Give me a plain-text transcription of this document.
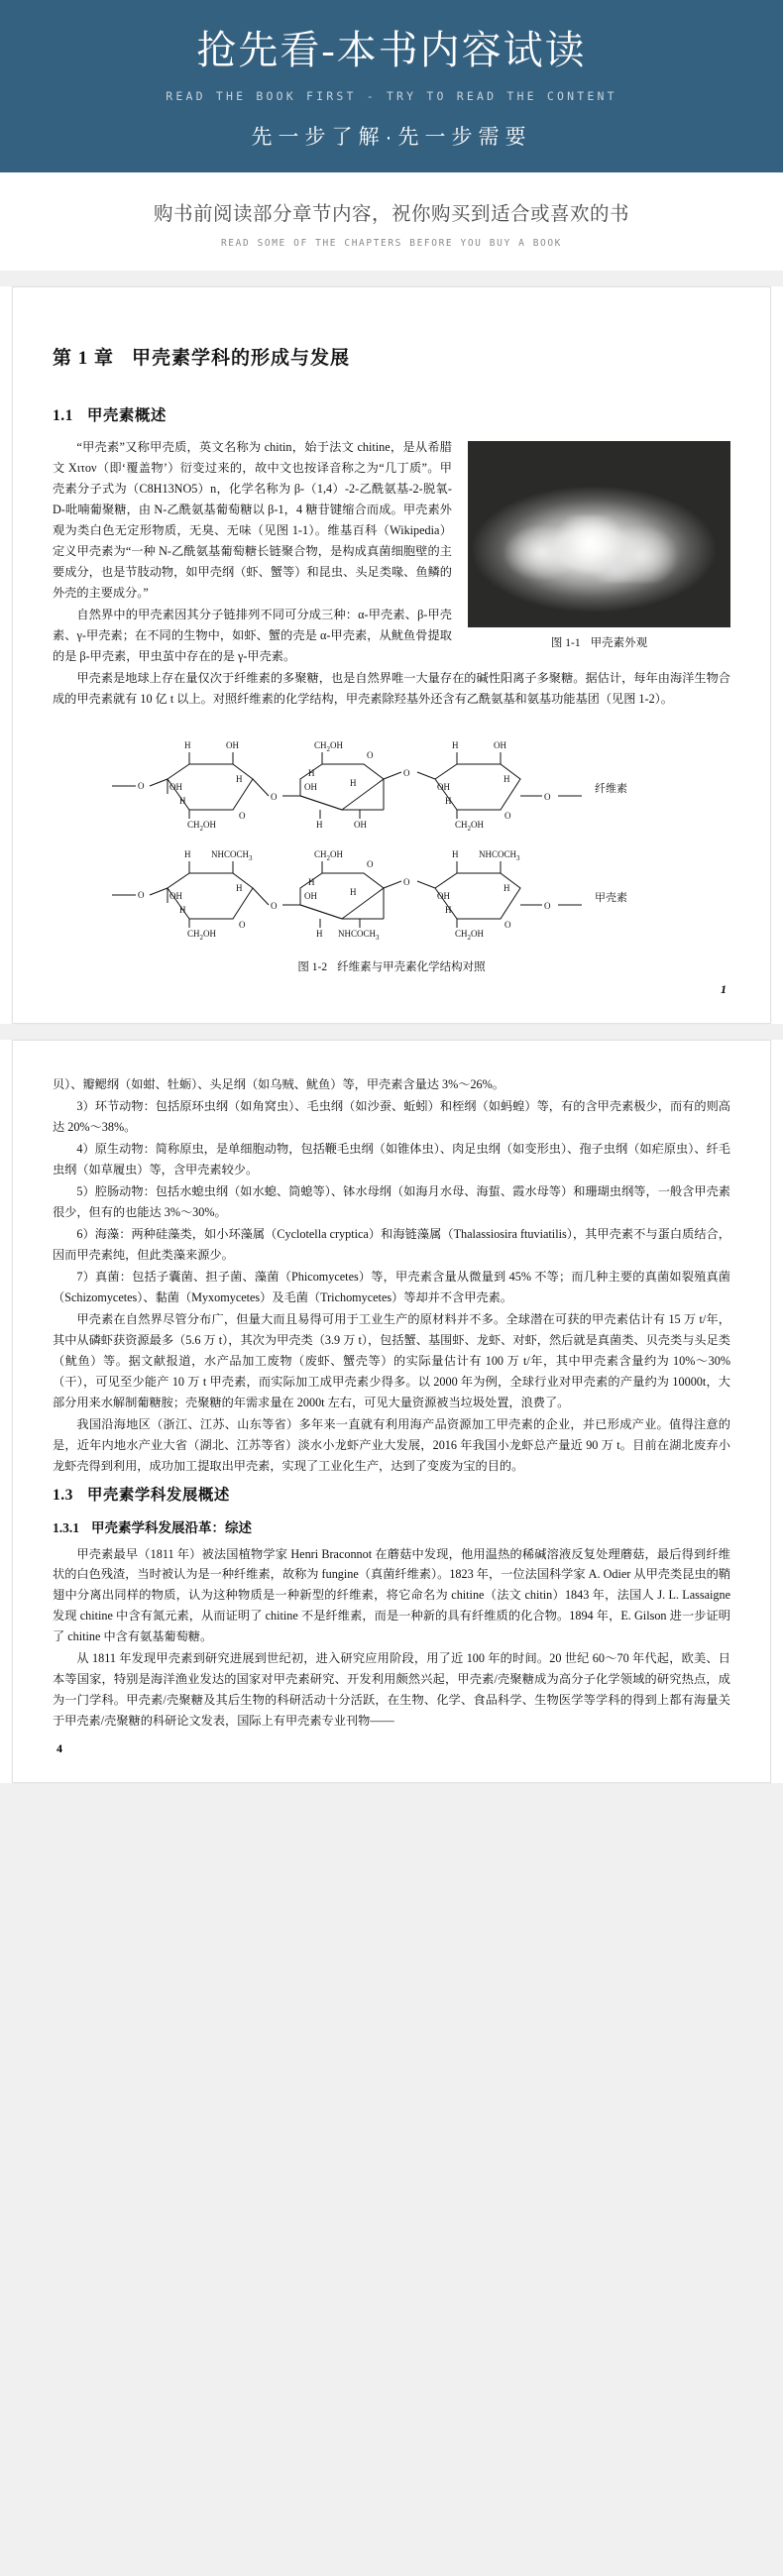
抢先看-本书内容试读
READ THE BOOK FIRST - TRY TO READ THE CONTENT
先一步了解·先一步需要
购书前阅读部分章节内容，祝你购买到适合或喜欢的书
READ SOME OF THE CHAPTERS BEFORE YOU BUY A BOOK
第 1 章 甲壳素学科的形成与发展
1.1 甲壳素概述
图 1-1 甲壳素外观

“甲壳素”又称甲壳质，英文名称为 chitin，始于法文 chitine，是从希腊文 Χιτον（即‘覆盖物’）衍变过来的，故中文也按译音称之为“几丁质”。甲壳素分子式为（C8H13NO5）n，化学名称为 β-（1,4）-2-乙酰氨基-2-脱氧-D-吡喃葡聚糖，由 N-乙酰氨基葡萄糖以 β-1，4 糖苷键缩合而成。甲壳素外观为类白色无定形物质，无臭、无味（见图 1-1）。维基百科（Wikipedia）定义甲壳素为“一种 N-乙酰氨基葡萄糖长链聚合物，是构成真菌细胞壁的主要成分，也是节肢动物，如甲壳纲（虾、蟹等）和昆虫、头足类喙、鱼鳞的外壳的主要成分。”

自然界中的甲壳素因其分子链排列不同可分成三种：α-甲壳素、β-甲壳素、γ-甲壳素；在不同的生物中，如虾、蟹的壳是 α-甲壳素，从鱿鱼骨提取的是 β-甲壳素，甲虫茧中存在的是 γ-甲壳素。

甲壳素是地球上存在量仅次于纤维素的多聚糖，也是自然界唯一大量存在的碱性阳离子多聚糖。据估计，每年由海洋生物合成的甲壳素就有 10 亿 t 以上。对照纤维素的化学结构，甲壳素除羟基外还含有乙酰氨基和氨基功能基团（见图 1-2）。

O
H	OH
OH
H
H
$CH_2OH$
O
O
$CH_2OH$
O
OH
H
H
H	OH
O
H	OH
OH
H
H
$CH_2OH$
O
O
纤维素
O
H $NHCOCH_3$
OH
H
H
$CH_2OH$
O
O
$CH_2OH$
O
OH
H
H
H $NHCOCH_3$
O
H $NHCOCH_3$
OH
H
H
$CH_2OH$
O
O
甲壳素
图 1-2 纤维素与甲壳素化学结构对照
1

贝）、瓣鳃纲（如蚶、牡蛎）、头足纲（如乌贼、鱿鱼）等，甲壳素含量达 3%～26%。

3）环节动物：包括原环虫纲（如角窝虫）、毛虫纲（如沙蚕、蚯蚓）和桎纲（如蚂蝗）等，有的含甲壳素极少，而有的则高达 20%～38%。

4）原生动物：简称原虫，是单细胞动物，包括鞭毛虫纲（如锥体虫）、肉足虫纲（如变形虫）、孢子虫纲（如疟原虫）、纤毛虫纲（如草履虫）等，含甲壳素较少。

5）腔肠动物：包括水螅虫纲（如水螅、筒螅等）、钵水母纲（如海月水母、海蜇、霞水母等）和珊瑚虫纲等，一般含甲壳素很少，但有的也能达 3%～30%。

6）海藻：两种硅藻类，如小环藻属（Cyclotella cryptica）和海链藻属（Thalassiosira ftuviatilis），其甲壳素不与蛋白质结合，因而甲壳素纯，但此类藻来源少。

7）真菌：包括子囊菌、担子菌、藻菌（Phicomycetes）等，甲壳素含量从微量到 45% 不等；而几种主要的真菌如裂殖真菌（Schizomycetes）、黏菌（Myxomycetes）及毛菌（Trichomycetes）等却并不含甲壳素。

甲壳素在自然界尽管分布广，但量大而且易得可用于工业生产的原材料并不多。全球潜在可获的甲壳素估计有 15 万 t/年，其中从磷虾获资源最多（5.6 万 t），其次为甲壳类（3.9 万 t），包括蟹、基围虾、龙虾、对虾，然后就是真菌类、贝壳类与头足类（鱿鱼）等。据文献报道，水产品加工废物（废虾、蟹壳等）的实际量估计有 100 万 t/年，其中甲壳素含量约为 10%～30%（干），可见至少能产 10 万 t 甲壳素，而实际加工成甲壳素少得多。以 2000 年为例，全球行业对甲壳素的产量约为 10000t，大部分用来水解制葡糖胺；壳聚糖的年需求量在 2000t 左右，可见大量资源被当垃圾处置，浪费了。

我国沿海地区（浙江、江苏、山东等省）多年来一直就有利用海产品资源加工甲壳素的企业，并已形成产业。值得注意的是，近年内地水产业大省（湖北、江苏等省）淡水小龙虾产业大发展，2016 年我国小龙虾总产量近 90 万 t。目前在湖北废弃小龙虾壳得到利用，成功加工提取出甲壳素，实现了工业化生产，达到了变废为宝的目的。

1.3 甲壳素学科发展概述
1.3.1 甲壳素学科发展沿革：综述

甲壳素最早（1811 年）被法国植物学家 Henri Braconnot 在蘑菇中发现，他用温热的稀碱溶液反复处理蘑菇，最后得到纤维状的白色残渣，当时被认为是一种纤维素，故称为 fungine（真菌纤维素）。1823 年，一位法国科学家 A. Odier 从甲壳类昆虫的鞘翅中分离出同样的物质，认为这种物质是一种新型的纤维素，将它命名为 chitine（法文 chitin）1843 年，法国人 J. L. Lassaigne 发现 chitine 中含有氮元素，从而证明了 chitine 不是纤维素，而是一种新的具有纤维质的化合物。1894 年，E. Gilson 进一步证明了 chitine 中含有氨基葡萄糖。

从 1811 年发现甲壳素到研究进展到世纪初，进入研究应用阶段，用了近 100 年的时间。20 世纪 60～70 年代起，欧美、日本等国家，特别是海洋渔业发达的国家对甲壳素研究、开发利用颇然兴起，甲壳素/壳聚糖成为高分子化学领域的研究热点，成为一门学科。甲壳素/壳聚糖及其后生物的科研活动十分活跃，在生物、化学、食品科学、生物医学等学科的得到上都有海量关于甲壳素/壳聚糖的科研论文发表，国际上有甲壳素专业刊物——

4
